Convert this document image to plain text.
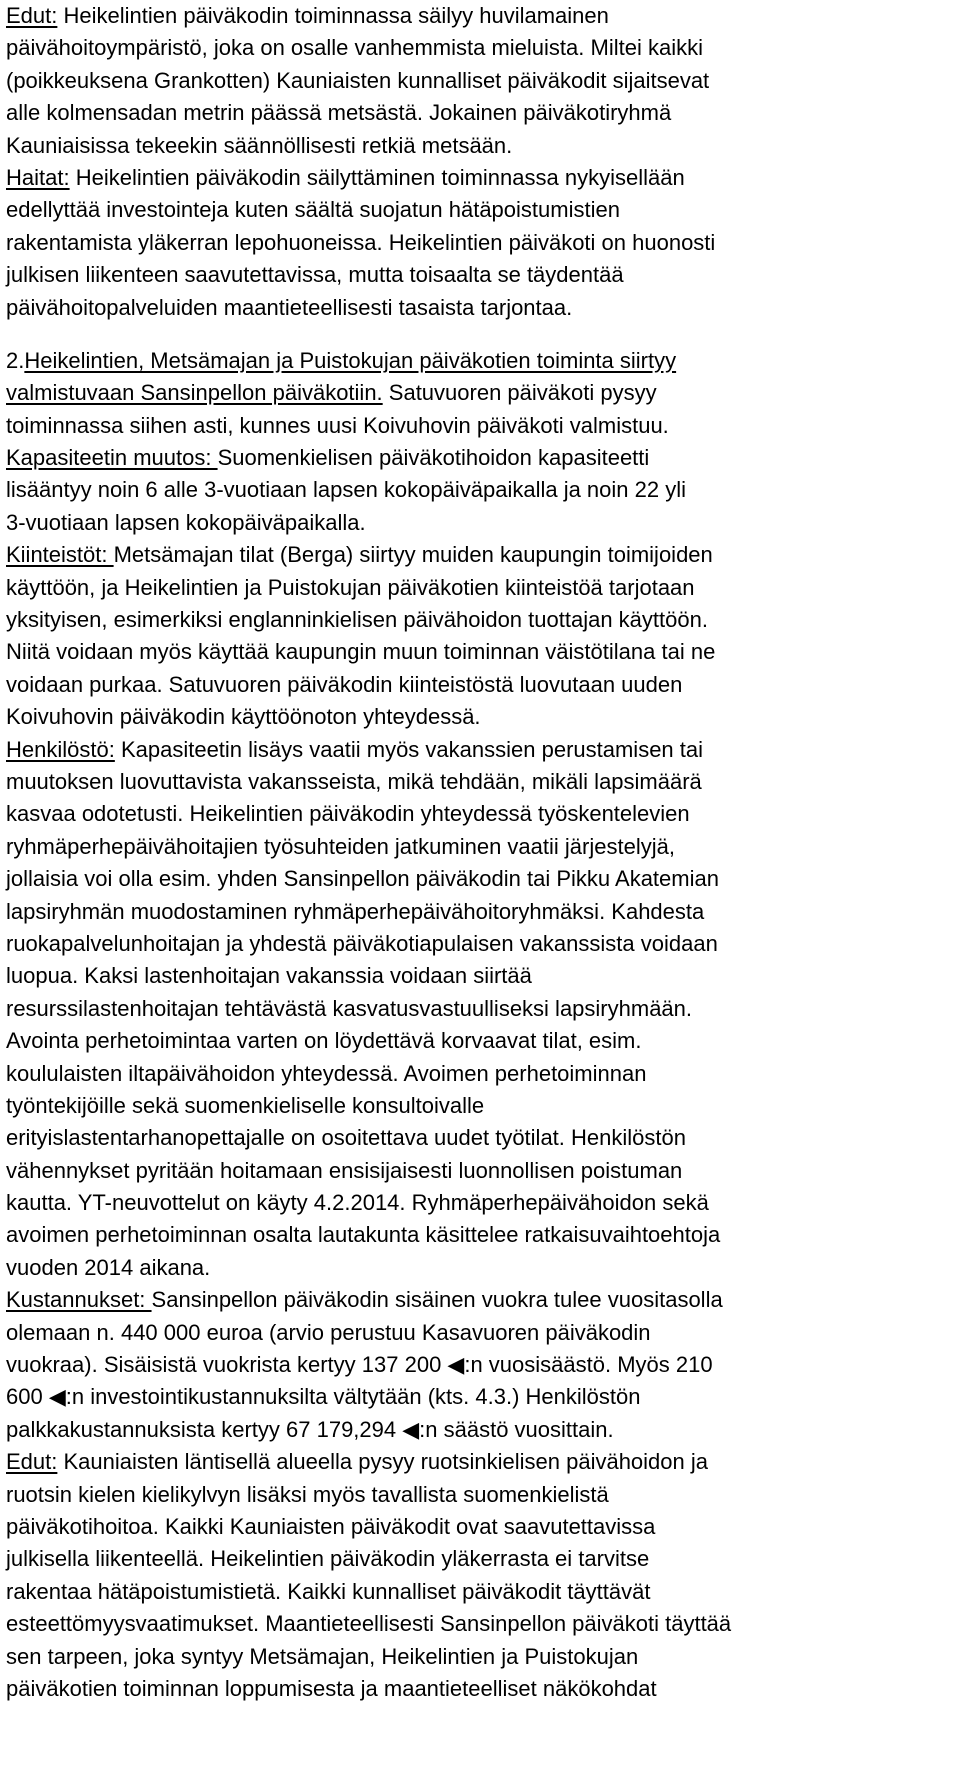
Edut: Heikelintien päiväkodin toiminnassa säilyy huvilamainen
päivähoitoympäristö, joka on osalle vanhemmista mieluista. Miltei kaikki
(poikkeuksena Grankotten) Kauniaisten kunnalliset päiväkodit sijaitsevat
alle kolmensadan metrin päässä metsästä. Jokainen päiväkotiryhmä
Kauniaisissa tekeekin säännöllisesti retkiä metsään.
Haitat: Heikelintien päiväkodin säilyttäminen toiminnassa nykyisellään
edellyttää investointeja kuten säältä suojatun hätäpoistumistien
rakentamista yläkerran lepohuoneissa. Heikelintien päiväkoti on huonosti
julkisen liikenteen saavutettavissa, mutta toisaalta se täydentää
päivähoitopalveluiden maantieteellisesti tasaista tarjontaa.
2.Heikelintien, Metsämajan ja Puistokujan päiväkotien toiminta siirtyy
valmistuvaan Sansinpellon päiväkotiin. Satuvuoren päiväkoti pysyy
toiminnassa siihen asti, kunnes uusi Koivuhovin päiväkoti valmistuu.
Kapasiteetin muutos: Suomenkielisen päiväkotihoidon kapasiteetti
lisääntyy noin 6 alle 3-vuotiaan lapsen kokopäiväpaikalla ja noin 22 yli
3-vuotiaan lapsen kokopäiväpaikalla.
Kiinteistöt: Metsämajan tilat (Berga) siirtyy muiden kaupungin toimijoiden
käyttöön, ja Heikelintien ja Puistokujan päiväkotien kiinteistöä tarjotaan
yksityisen, esimerkiksi englanninkielisen päivähoidon tuottajan käyttöön.
Niitä voidaan myös käyttää kaupungin muun toiminnan väistötilana tai ne
voidaan purkaa. Satuvuoren päiväkodin kiinteistöstä luovutaan uuden
Koivuhovin päiväkodin käyttöönoton yhteydessä.
Henkilöstö: Kapasiteetin lisäys vaatii myös vakanssien perustamisen tai
muutoksen luovuttavista vakansseista, mikä tehdään, mikäli lapsimäärä
kasvaa odotetusti. Heikelintien päiväkodin yhteydessä työskentelevien
ryhmäperhepäivähoitajien työsuhteiden jatkuminen vaatii järjestelyjä,
jollaisia voi olla esim. yhden Sansinpellon päiväkodin tai Pikku Akatemian
lapsiryhmän muodostaminen ryhmäperhepäivähoitoryhmäksi. Kahdesta
ruokapalvelunhoitajan ja yhdestä päiväkotiapulaisen vakanssista voidaan
luopua. Kaksi lastenhoitajan vakanssia voidaan siirtää
resurssilastenhoitajan tehtävästä kasvatusvastuulliseksi lapsiryhmään.
Avointa perhetoimintaa varten on löydettävä korvaavat tilat, esim.
koululaisten iltapäivähoidon yhteydessä. Avoimen perhetoiminnan
työntekijöille sekä suomenkieliselle konsultoivalle
erityislastentarhanopettajalle on osoitettava uudet työtilat. Henkilöstön
vähennykset pyritään hoitamaan ensisijaisesti luonnollisen poistuman
kautta. YT-neuvottelut on käyty 4.2.2014. Ryhmäperhepäivähoidon sekä
avoimen perhetoiminnan osalta lautakunta käsittelee ratkaisuvaihtoehtoja
vuoden 2014 aikana.
Kustannukset: Sansinpellon päiväkodin sisäinen vuokra tulee vuositasolla
olemaan n. 440 000 euroa (arvio perustuu Kasavuoren päiväkodin
vuokraa). Sisäisistä vuokrista kertyy 137 200 ◀:n vuosisäästö. Myös 210
600 ◀:n investointikustannuksilta vältytään (kts. 4.3.) Henkilöstön
palkkakustannuksista kertyy 67 179,294 ◀:n säästö vuosittain.
Edut: Kauniaisten läntisellä alueella pysyy ruotsinkielisen päivähoidon ja
ruotsin kielen kielikylvyn lisäksi myös tavallista suomenkielistä
päiväkotihoitoa. Kaikki Kauniaisten päiväkodit ovat saavutettavissa
julkisella liikenteellä. Heikelintien päiväkodin yläkerrasta ei tarvitse
rakentaa hätäpoistumistietä. Kaikki kunnalliset päiväkodit täyttävät
esteettömyysvaatimukset. Maantieteellisesti Sansinpellon päiväkoti täyttää
sen tarpeen, joka syntyy Metsämajan, Heikelintien ja Puistokujan
päiväkotien toiminnan loppumisesta ja maantieteelliset näkökohdat
